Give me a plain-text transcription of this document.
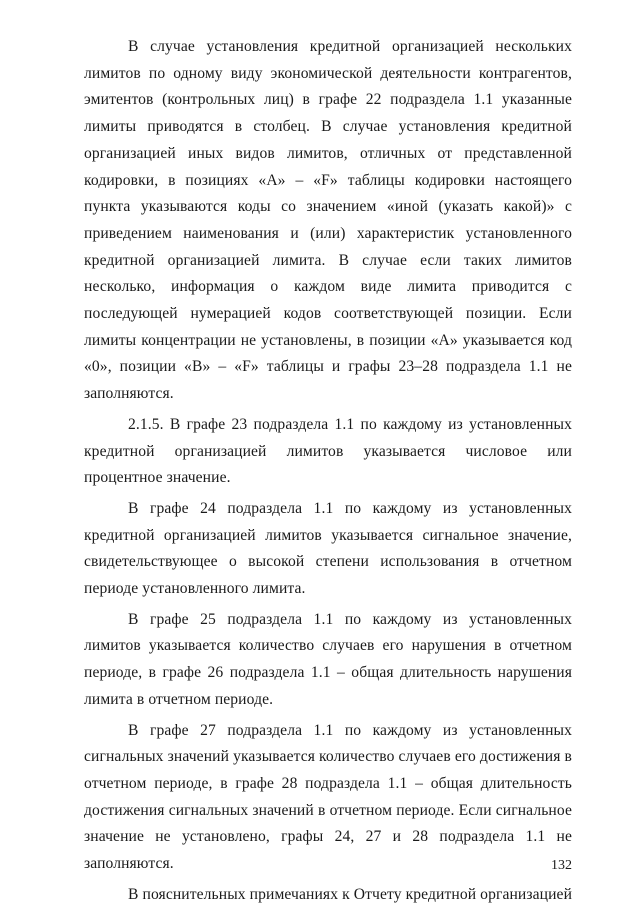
В случае установления кредитной организацией нескольких лимитов по одному виду экономической деятельности контрагентов, эмитентов (контрольных лиц) в графе 22 подраздела 1.1 указанные лимиты приводятся в столбец. В случае установления кредитной организацией иных видов лимитов, отличных от представленной кодировки, в позициях «А» – «F» таблицы кодировки настоящего пункта указываются коды со значением «иной (указать какой)» с приведением наименования и (или) характеристик установленного кредитной организацией лимита. В случае если таких лимитов несколько, информация о каждом виде лимита приводится с последующей нумерацией кодов соответствующей позиции. Если лимиты концентрации не установлены, в позиции «А» указывается код «0», позиции «B» – «F» таблицы и графы 23–28 подраздела 1.1 не заполняются.

2.1.5. В графе 23 подраздела 1.1 по каждому из установленных кредитной организацией лимитов указывается числовое или процентное значение.

В графе 24 подраздела 1.1 по каждому из установленных кредитной организацией лимитов указывается сигнальное значение, свидетельствующее о высокой степени использования в отчетном периоде установленного лимита.

В графе 25 подраздела 1.1 по каждому из установленных лимитов указывается количество случаев его нарушения в отчетном периоде, в графе 26 подраздела 1.1 – общая длительность нарушения лимита в отчетном периоде.

В графе 27 подраздела 1.1 по каждому из установленных сигнальных значений указывается количество случаев его достижения в отчетном периоде, в графе 28 подраздела 1.1 – общая длительность достижения сигнальных значений в отчетном периоде. Если сигнальное значение не установлено, графы 24, 27 и 28 подраздела 1.1 не заполняются.

В пояснительных примечаниях к Отчету кредитной организацией

132
